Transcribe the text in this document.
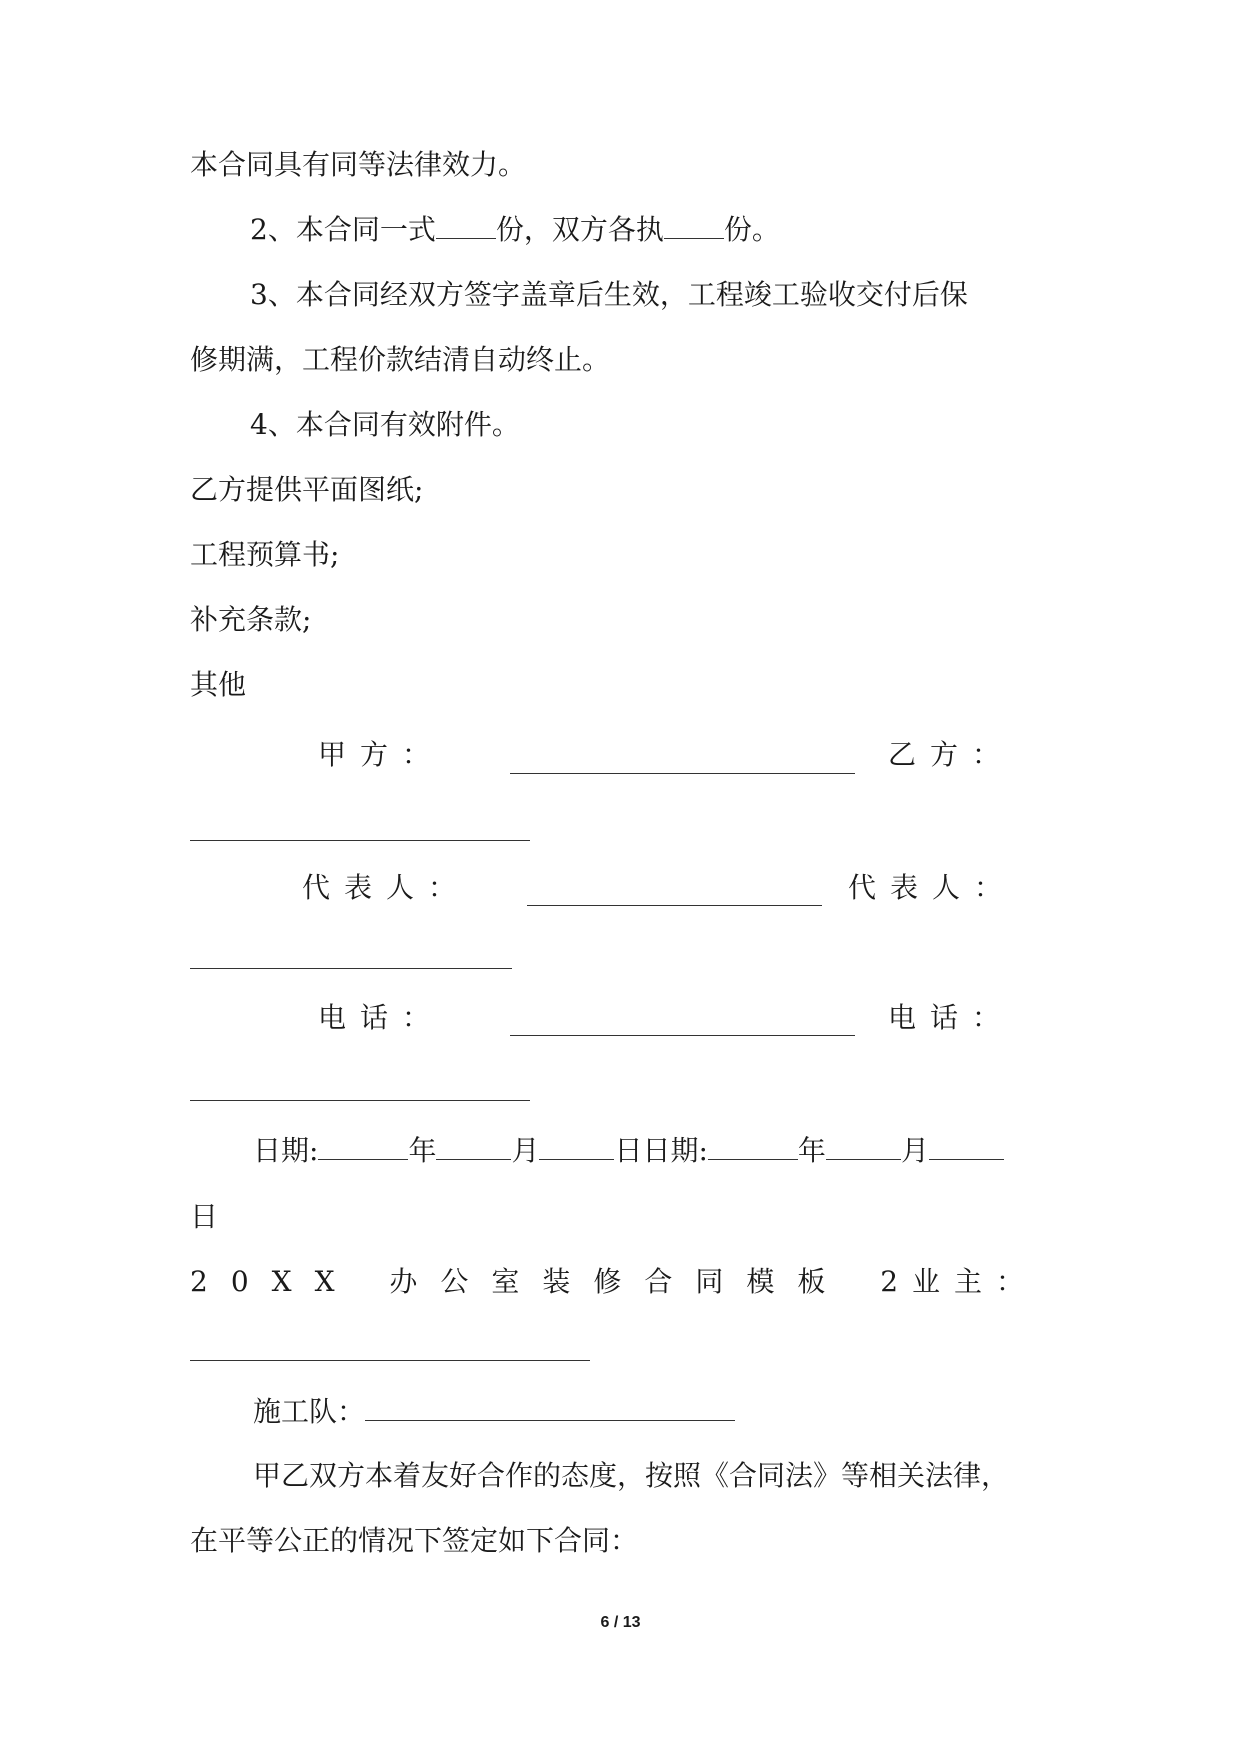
本合同具有同等法律效力。
2、本合同一式 份，双方各执 份。
3、本合同经双方签字盖章后生效，工程竣工验收交付后保
修期满，工程价款结清自动终止。
4、本合同有效附件。
乙方提供平面图纸;
工程预算书;
补充条款;
其他
甲方：	乙方：
代表人：	代表人：
电话：	电话：
日期:	年	月	日日期:	年	月
日
20XX 办公室装修合同模板 2
业主：
施工队：
甲乙双方本着友好合作的态度，按照《合同法》等相关法律，
在平等公正的情况下签定如下合同：
6 / 13
